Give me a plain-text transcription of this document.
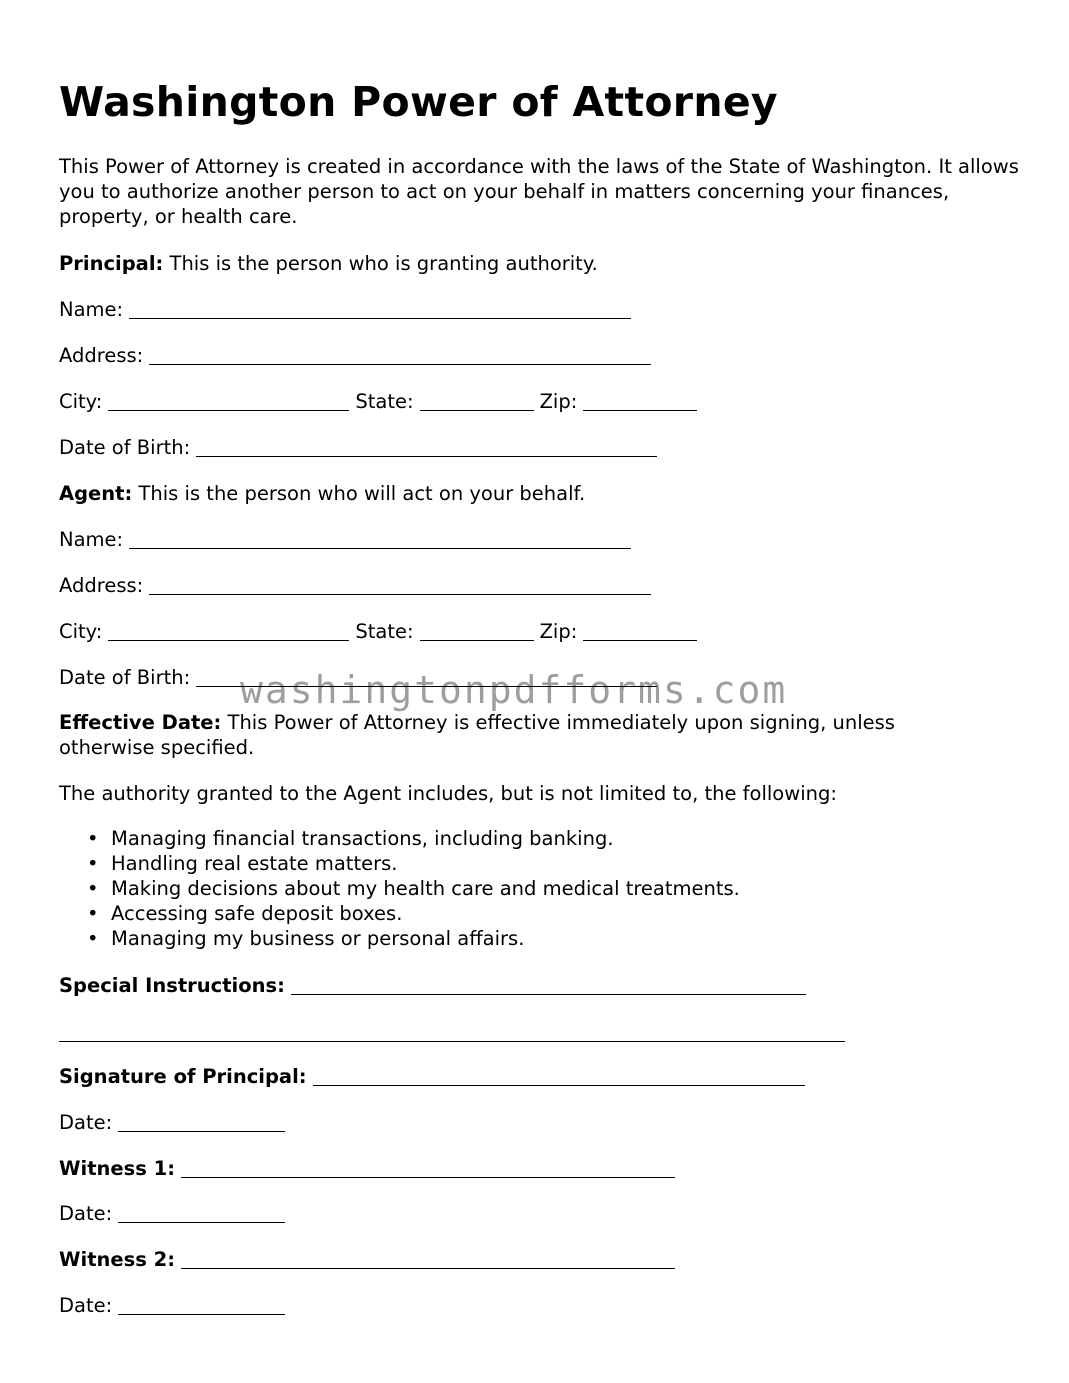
Washington Power of Attorney

This Power of Attorney is created in accordance with the laws of the State of Washington. It allows you to authorize another person to act on your behalf in matters concerning your finances, property, or health care.

Principal: This is the person who is granting authority.

Name:

Address:

City:	State:	Zip:

Date of Birth:

Agent: This is the person who will act on your behalf.

Name:

Address:

City:	State:	Zip:

Date of Birth:

Effective Date: This Power of Attorney is effective immediately upon signing, unless

otherwise specified.

The authority granted to the Agent includes, but is not limited to, the following:

• Managing financial transactions, including banking.
• Handling real estate matters.
• Making decisions about my health care and medical treatments.
• Accessing safe deposit boxes.
• Managing my business or personal affairs.

Special Instructions:

Signature of Principal:

Date:

Witness 1:

Date:

Witness 2:

Date:

washingtonpdfforms.com
